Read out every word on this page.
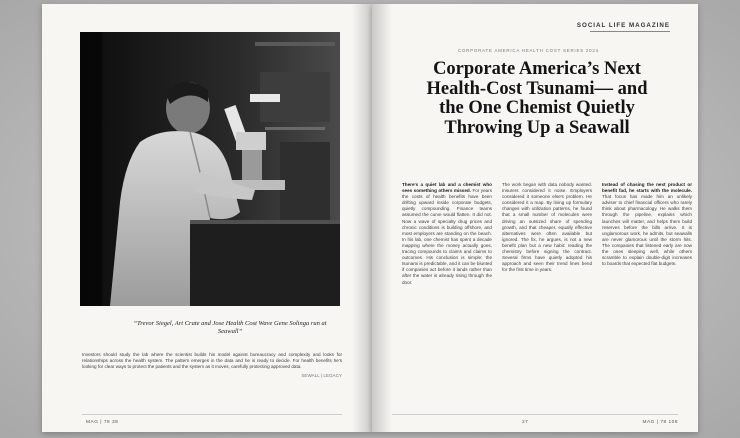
“Trevor Siegel, Art Crate and Jose Health Cost Wave Gene Solinga run at Seawall”
Investors should study the lab where the scientist builds his model against bureaucracy and complexity and looks for relationships across the health system. The pattern emerges in the data and he is ready to decide. For health benefits he's looking for clear ways to protect the patients and the system as it moves, carefully protecting approved data.
SEWALL | LEGACY
MAG | 78 38
SOCIAL LIFE MAGAZINE
CORPORATE AMERICA HEALTH COST SERIES 2024
Corporate America’s Next Health-Cost Tsunami— and the One Chemist Quietly Throwing Up a Seawall

There's a quiet lab and a chemist who sees something others missed. For years the costs of health benefits have been drifting upward inside corporate budgets, quietly compounding. Finance teams assumed the curve would flatten. It did not. Now a wave of specialty drug prices and chronic conditions is building offshore, and most employers are standing on the beach. In his lab, one chemist has spent a decade mapping where the money actually goes, tracing compounds to claims and claims to outcomes. His conclusion is simple: the tsunami is predictable, and it can be blunted if companies act before it lands rather than after the water is already rising through the door.

The work began with data nobody wanted. Insurers considered it noise. Employers considered it someone else's problem. He considered it a map. By lining up formulary changes with utilization patterns, he found that a small number of molecules were driving an outsized share of spending growth, and that cheaper, equally effective alternatives were often available but ignored. The fix, he argues, is not a new benefit plan but a new habit: reading the chemistry before signing the contract. Several firms have quietly adopted his approach and seen their trend lines bend for the first time in years.

Instead of chasing the next product or benefit fad, he starts with the molecule. That focus has made him an unlikely adviser to chief financial officers who rarely think about pharmacology. He walks them through the pipeline, explains which launches will matter, and helps them build reserves before the bills arrive. It is unglamorous work, he admits, but seawalls are never glamorous until the storm hits. The companies that listened early are now the ones sleeping well, while others scramble to explain double-digit increases to boards that expected flat budgets.

27	MAG | 78 108
